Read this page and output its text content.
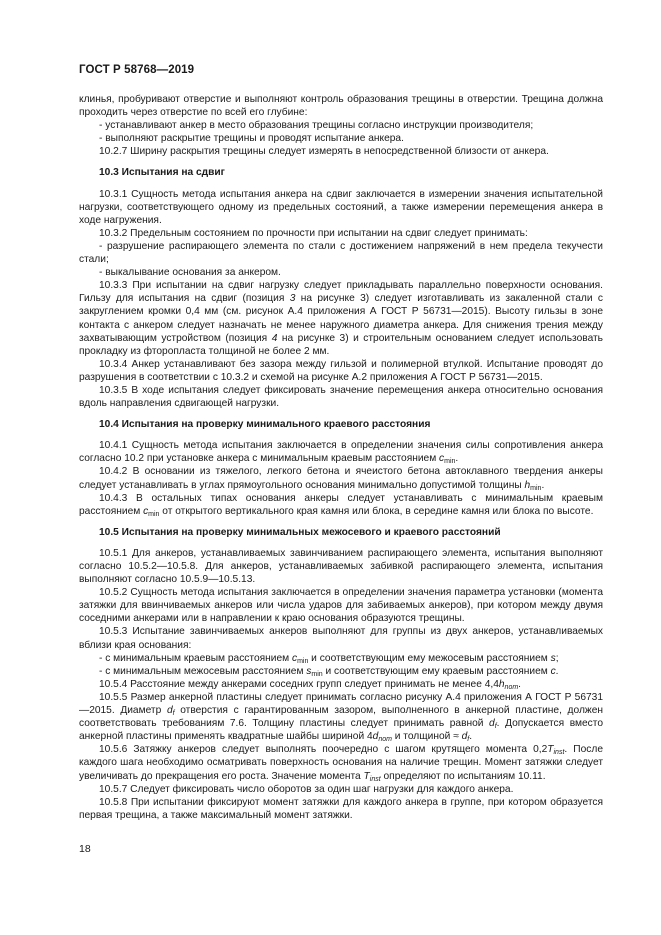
ГОСТ Р 58768—2019

клинья, пробуривают отверстие и выполняют контроль образования трещины в отверстии. Трещина должна проходить через отверстие по всей его глубине:

- устанавливают анкер в место образования трещины согласно инструкции производителя;

- выполняют раскрытие трещины и проводят испытание анкера.

10.2.7 Ширину раскрытия трещины следует измерять в непосредственной близости от анкера.

10.3 Испытания на сдвиг

10.3.1 Сущность метода испытания анкера на сдвиг заключается в измерении значения испытательной нагрузки, соответствующего одному из предельных состояний, а также измерении перемещения анкера в ходе нагружения.

10.3.2 Предельным состоянием по прочности при испытании на сдвиг следует принимать:

- разрушение распирающего элемента по стали с достижением напряжений в нем предела текучести стали;

- выкалывание основания за анкером.

10.3.3 При испытании на сдвиг нагрузку следует прикладывать параллельно поверхности основания. Гильзу для испытания на сдвиг (позиция 3 на рисунке 3) следует изготавливать из закаленной стали с закруглением кромки 0,4 мм (см. рисунок А.4 приложения А ГОСТ Р 56731—2015). Высоту гильзы в зоне контакта с анкером следует назначать не менее наружного диаметра анкера. Для снижения трения между захватывающим устройством (позиция 4 на рисунке 3) и строительным основанием следует использовать прокладку из фторопласта толщиной не более 2 мм.

10.3.4 Анкер устанавливают без зазора между гильзой и полимерной втулкой. Испытание проводят до разрушения в соответствии с 10.3.2 и схемой на рисунке А.2 приложения А ГОСТ Р 56731—2015.

10.3.5 В ходе испытания следует фиксировать значение перемещения анкера относительно основания вдоль направления сдвигающей нагрузки.

10.4 Испытания на проверку минимального краевого расстояния

10.4.1 Сущность метода испытания заключается в определении значения силы сопротивления анкера согласно 10.2 при установке анкера с минимальным краевым расстоянием $c_{min}$.

10.4.2 В основании из тяжелого, легкого бетона и ячеистого бетона автоклавного твердения анкеры следует устанавливать в углах прямоугольного основания минимально допустимой толщины $h_{min}$.

10.4.3 В остальных типах основания анкеры следует устанавливать с минимальным краевым расстоянием $c_{min}$ от открытого вертикального края камня или блока, в середине камня или блока по высоте.

10.5 Испытания на проверку минимальных межосевого и краевого расстояний

10.5.1 Для анкеров, устанавливаемых завинчиванием распирающего элемента, испытания выполняют согласно 10.5.2—10.5.8. Для анкеров, устанавливаемых забивкой распирающего элемента, испытания выполняют согласно 10.5.9—10.5.13.

10.5.2 Сущность метода испытания заключается в определении значения параметра установки (момента затяжки для ввинчиваемых анкеров или числа ударов для забиваемых анкеров), при котором между двумя соседними анкерами или в направлении к краю основания образуются трещины.

10.5.3 Испытание завинчиваемых анкеров выполняют для группы из двух анкеров, устанавливаемых вблизи края основания:

- с минимальным краевым расстоянием $c_{min}$ и соответствующим ему межосевым расстоянием s;

- с минимальным межосевым расстоянием $s_{min}$ и соответствующим ему краевым расстоянием c.

10.5.4 Расстояние между анкерами соседних групп следует принимать не менее $4,4h_{nom}$.

10.5.5 Размер анкерной пластины следует принимать согласно рисунку А.4 приложения А ГОСТ Р 56731—2015. Диаметр $d_f$ отверстия с гарантированным зазором, выполненного в анкерной пластине, должен соответствовать требованиям 7.6. Толщину пластины следует принимать равной $d_f$. Допускается вместо анкерной пластины применять квадратные шайбы шириной $4d_{nom}$ и толщиной ≈ $d_f$.

10.5.6 Затяжку анкеров следует выполнять поочередно с шагом крутящего момента $0,2T_{inst}$. После каждого шага необходимо осматривать поверхность основания на наличие трещин. Момент затяжки следует увеличивать до прекращения его роста. Значение момента $T_{inst}$ определяют по испытаниям 10.11.

10.5.7 Следует фиксировать число оборотов за один шаг нагрузки для каждого анкера.

10.5.8 При испытании фиксируют момент затяжки для каждого анкера в группе, при котором образуется первая трещина, а также максимальный момент затяжки.

18
